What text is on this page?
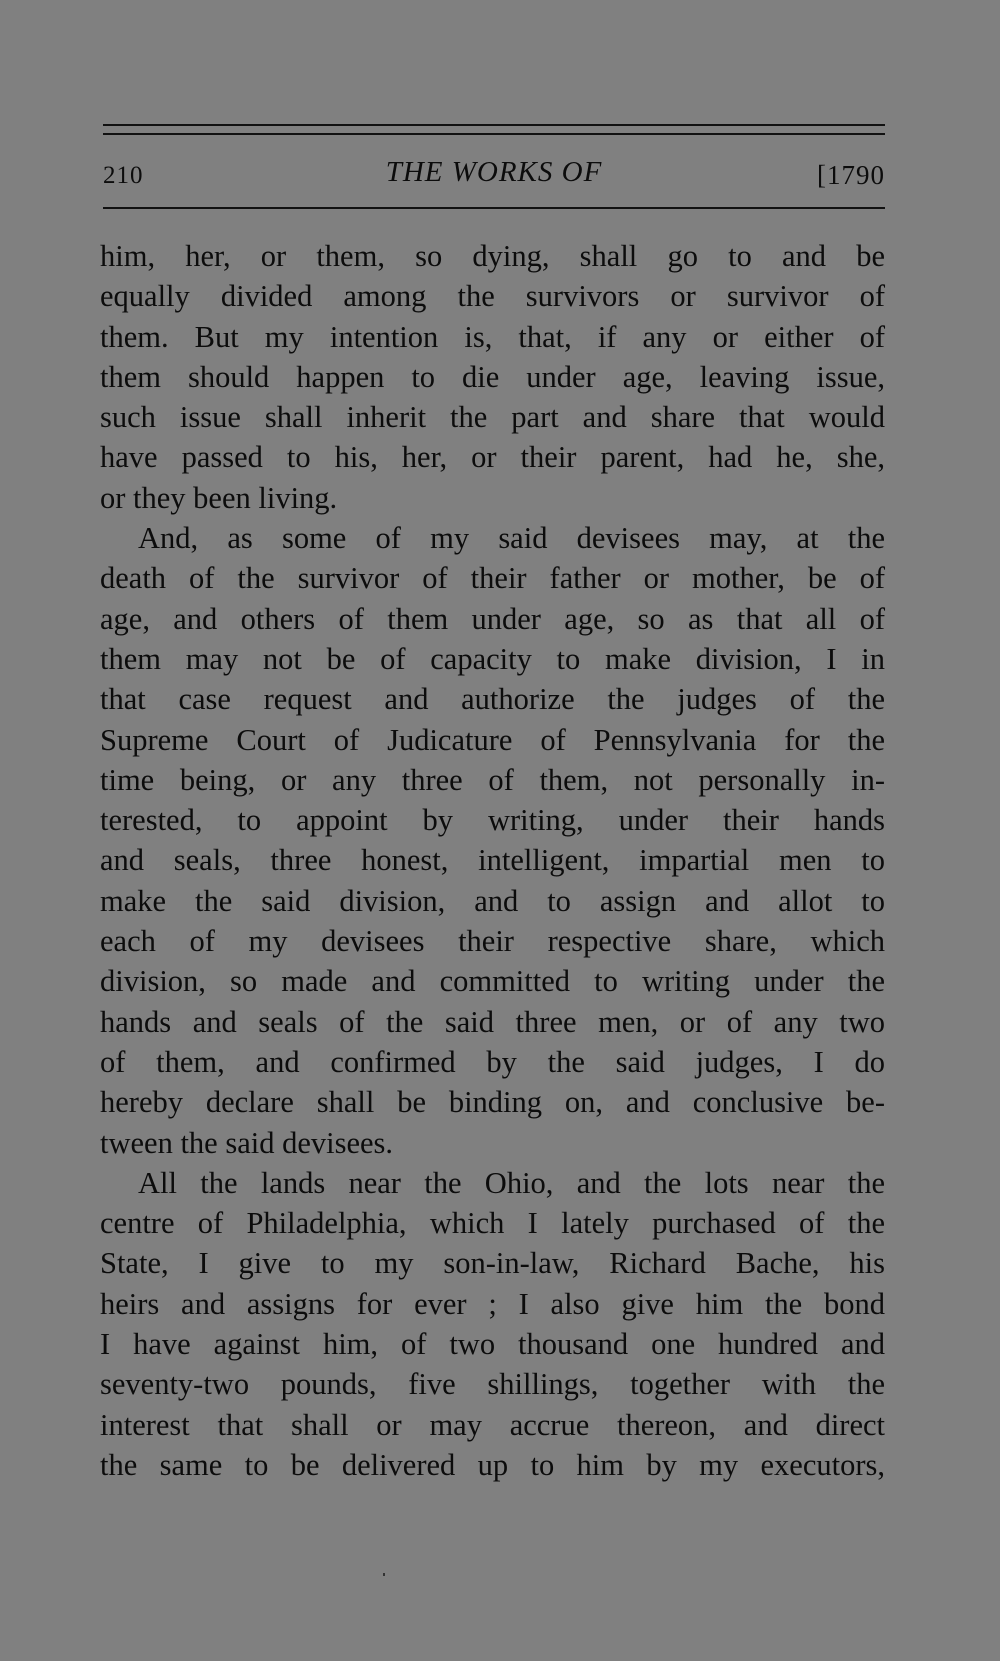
210	THE WORKS OF	[1790

him, her, or them, so dying, shall go to and be

equally divided among the survivors or survivor of

them. But my intention is, that, if any or either of

them should happen to die under age, leaving issue,

such issue shall inherit the part and share that would

have passed to his, her, or their parent, had he, she,

or they been living.

And, as some of my said devisees may, at the

death of the survivor of their father or mother, be of

age, and others of them under age, so as that all of

them may not be of capacity to make division, I in

that case request and authorize the judges of the

Supreme Court of Judicature of Pennsylvania for the

time being, or any three of them, not personally in-

terested, to appoint by writing, under their hands

and seals, three honest, intelligent, impartial men to

make the said division, and to assign and allot to

each of my devisees their respective share, which

division, so made and committed to writing under the

hands and seals of the said three men, or of any two

of them, and confirmed by the said judges, I do

hereby declare shall be binding on, and conclusive be-

tween the said devisees.

All the lands near the Ohio, and the lots near the

centre of Philadelphia, which I lately purchased of the

State, I give to my son-in-law, Richard Bache, his

heirs and assigns for ever ; I also give him the bond

I have against him, of two thousand one hundred and

seventy-two pounds, five shillings, together with the

interest that shall or may accrue thereon, and direct

the same to be delivered up to him by my executors,
